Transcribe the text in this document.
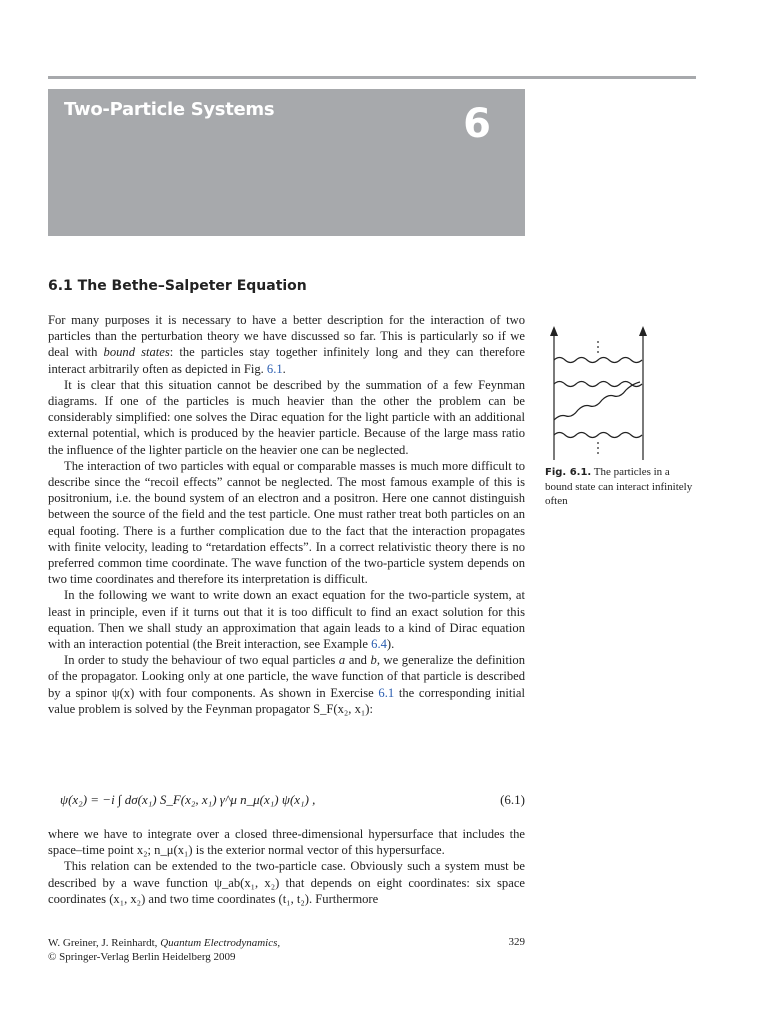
Two-Particle Systems	6
6.1 The Bethe–Salpeter Equation

For many purposes it is necessary to have a better description for the interaction of two particles than the perturbation theory we have discussed so far. This is particularly so if we deal with bound states: the particles stay together infinitely long and they can therefore interact arbitrarily often as depicted in Fig. 6.1.

It is clear that this situation cannot be described by the summation of a few Feynman diagrams. If one of the particles is much heavier than the other the problem can be considerably simplified: one solves the Dirac equation for the light particle with an additional external potential, which is produced by the heavier particle. Because of the large mass ratio the influence of the lighter particle on the heavier one can be neglected.

The interaction of two particles with equal or comparable masses is much more difficult to describe since the “recoil effects” cannot be neglected. The most famous example of this is positronium, i.e. the bound system of an electron and a positron. Here one cannot distinguish between the source of the field and the test particle. One must rather treat both particles on an equal footing. There is a further complication due to the fact that the interaction propagates with finite velocity, leading to “retardation effects”. In a correct relativistic theory there is no preferred common time coordinate. The wave function of the two-particle system depends on two time coordinates and therefore its interpretation is difficult.

In the following we want to write down an exact equation for the two-particle system, at least in principle, even if it turns out that it is too difficult to find an exact solution for this equation. Then we shall study an approximation that again leads to a kind of Dirac equation with an interaction potential (the Breit interaction, see Example 6.4).

In order to study the behaviour of two equal particles a and b, we generalize the definition of the propagator. Looking only at one particle, the wave function of that particle is described by a spinor ψ(x) with four components. As shown in Exercise 6.1 the corresponding initial value problem is solved by the Feynman propagator S_F(x₂, x₁):

ψ(x₂) = −i ∫ dσ(x₁) S_F(x₂, x₁) γ^μ n_μ(x₁) ψ(x₁) ,	(6.1)

where we have to integrate over a closed three-dimensional hypersurface that includes the space–time point x₂; n_μ(x₁) is the exterior normal vector of this hypersurface.

This relation can be extended to the two-particle case. Obviously such a system must be described by a wave function ψ_ab(x₁, x₂) that depends on eight coordinates: six space coordinates (x₁, x₂) and two time coordinates (t₁, t₂). Furthermore

Fig. 6.1. The particles in a bound state can interact infinitely often
W. Greiner, J. Reinhardt, Quantum Electrodynamics,
© Springer-Verlag Berlin Heidelberg 2009
329
